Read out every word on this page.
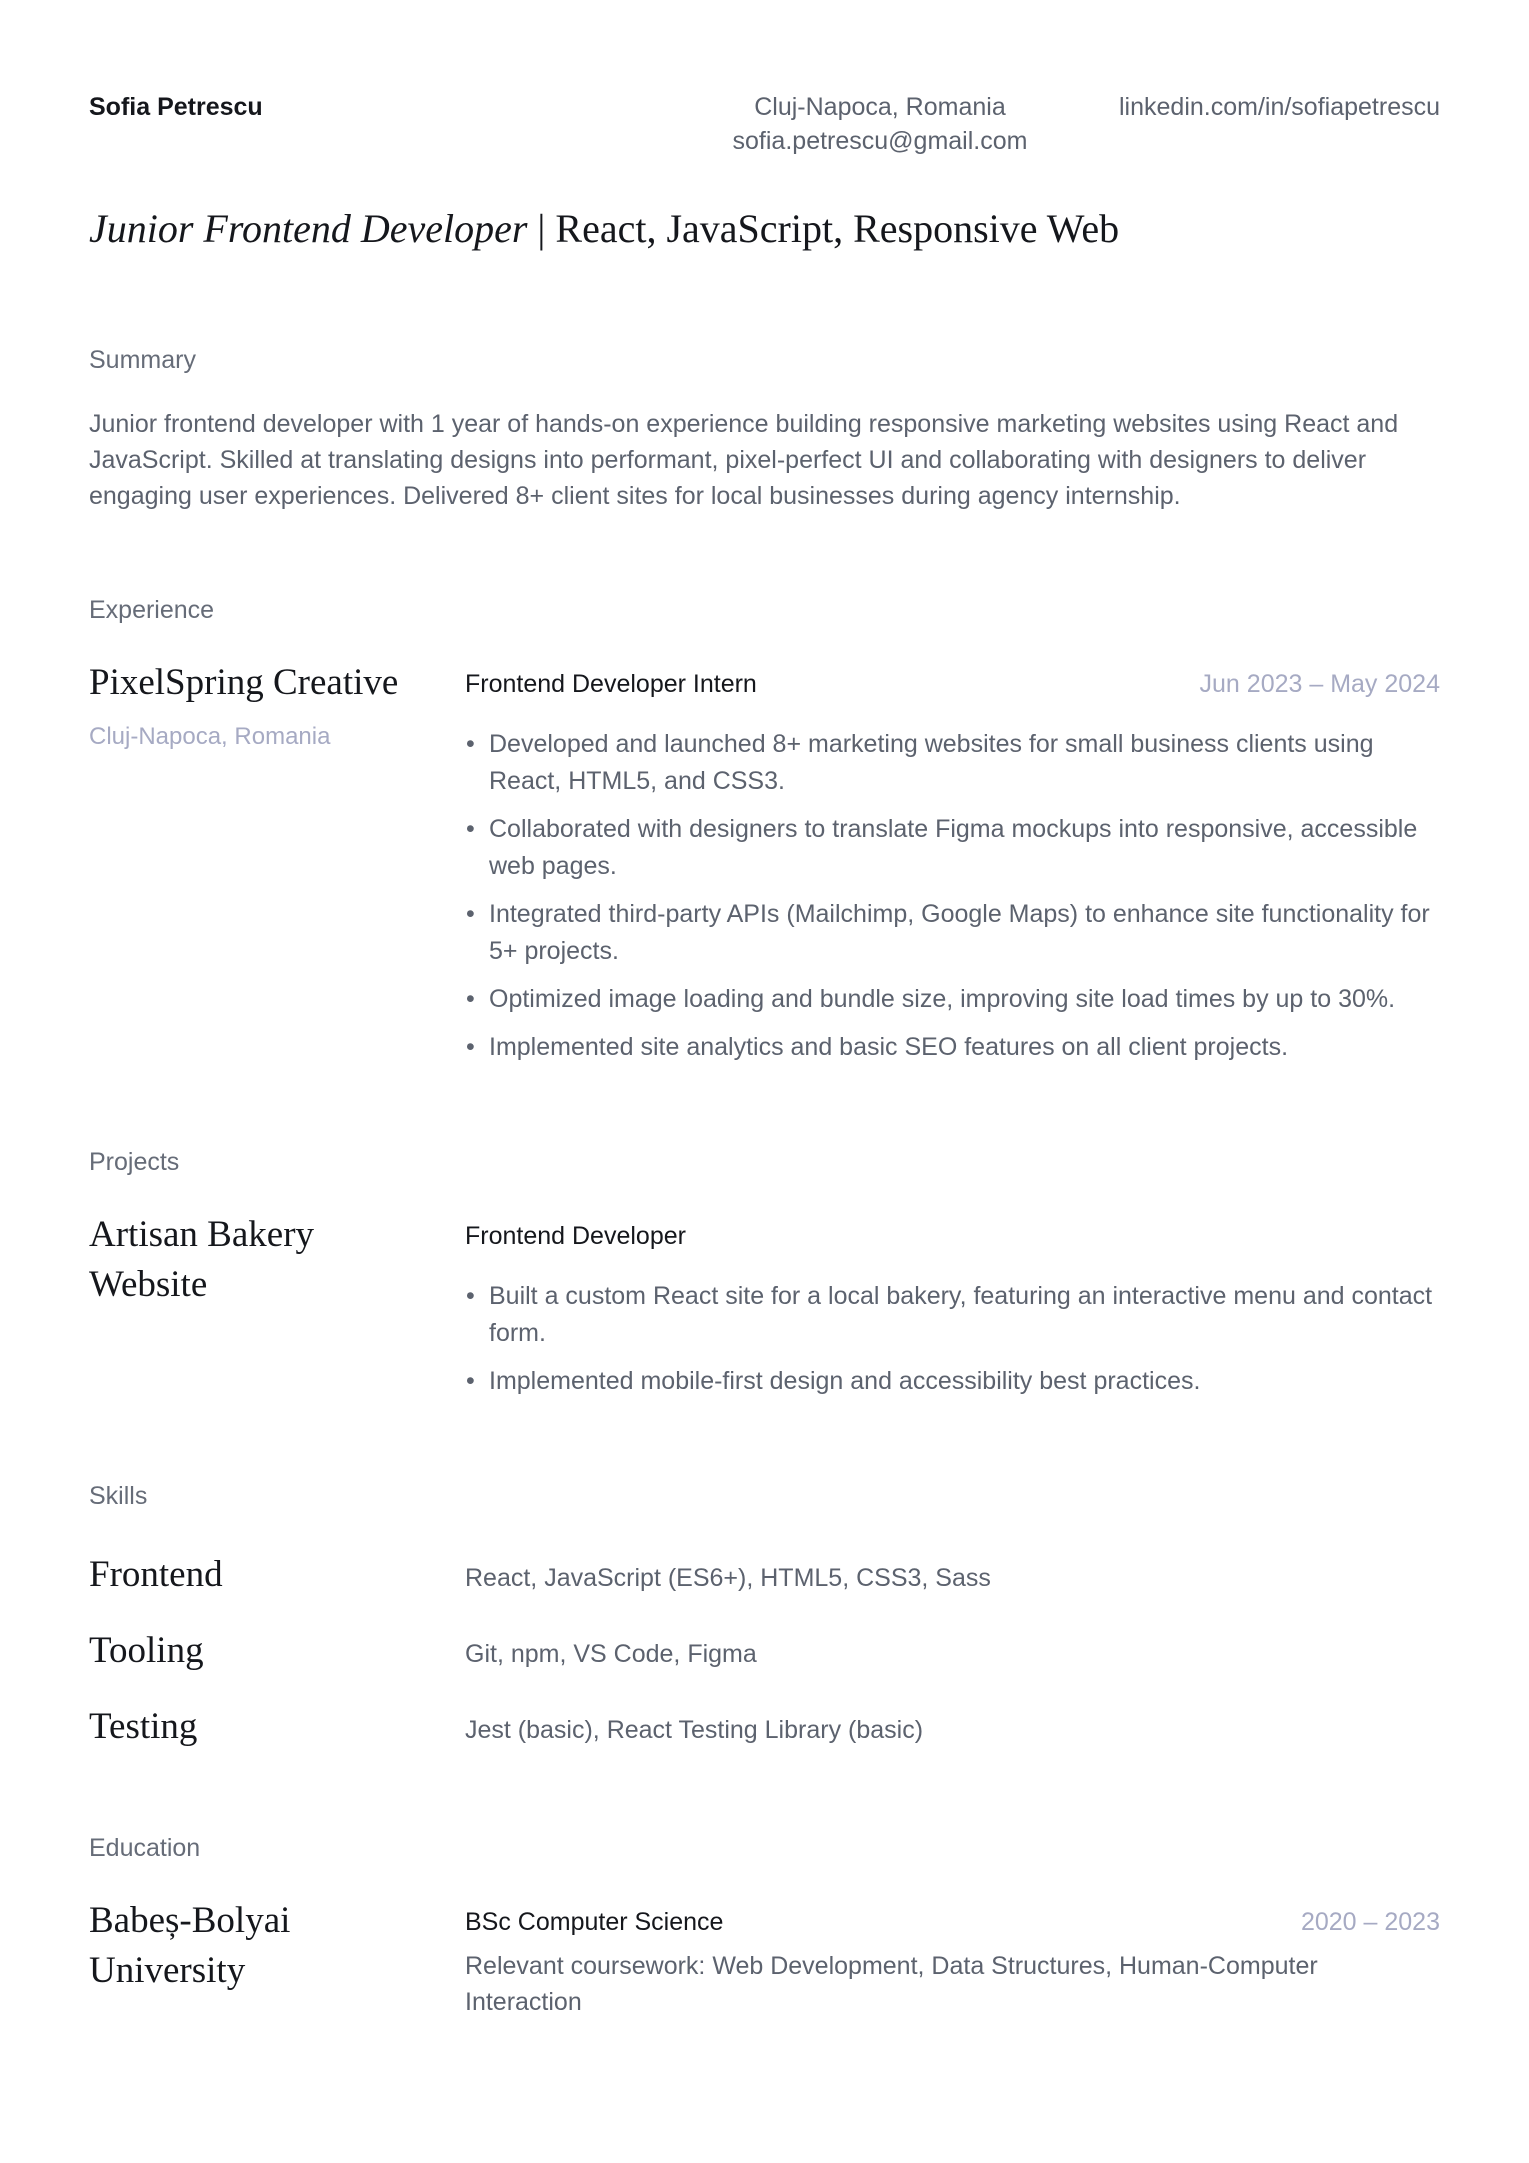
Sofia Petrescu	Cluj-Napoca, Romania
sofia.petrescu@gmail.com
linkedin.com/in/sofiapetrescu
Junior Frontend Developer | React, JavaScript, Responsive Web
Summary
Junior frontend developer with 1 year of hands-on experience building responsive marketing websites using React and JavaScript. Skilled at translating designs into performant, pixel-perfect UI and collaborating with designers to deliver engaging user experiences. Delivered 8+ client sites for local businesses during agency internship.
Experience
PixelSpring Creative
Cluj-Napoca, Romania
Frontend Developer Intern	Jun 2023 – May 2024
• Developed and launched 8+ marketing websites for small business clients using React, HTML5, and CSS3.
• Collaborated with designers to translate Figma mockups into responsive, accessible web pages.
• Integrated third-party APIs (Mailchimp, Google Maps) to enhance site functionality for 5+ projects.
• Optimized image loading and bundle size, improving site load times by up to 30%.
• Implemented site analytics and basic SEO features on all client projects.
Projects
Artisan Bakery Website
Frontend Developer
• Built a custom React site for a local bakery, featuring an interactive menu and contact form.
• Implemented mobile-first design and accessibility best practices.
Skills
Frontend	React, JavaScript (ES6+), HTML5, CSS3, Sass
Tooling	Git, npm, VS Code, Figma
Testing	Jest (basic), React Testing Library (basic)
Education
Babeș-Bolyai University
BSc Computer Science	2020 – 2023
Relevant coursework: Web Development, Data Structures, Human-Computer Interaction
